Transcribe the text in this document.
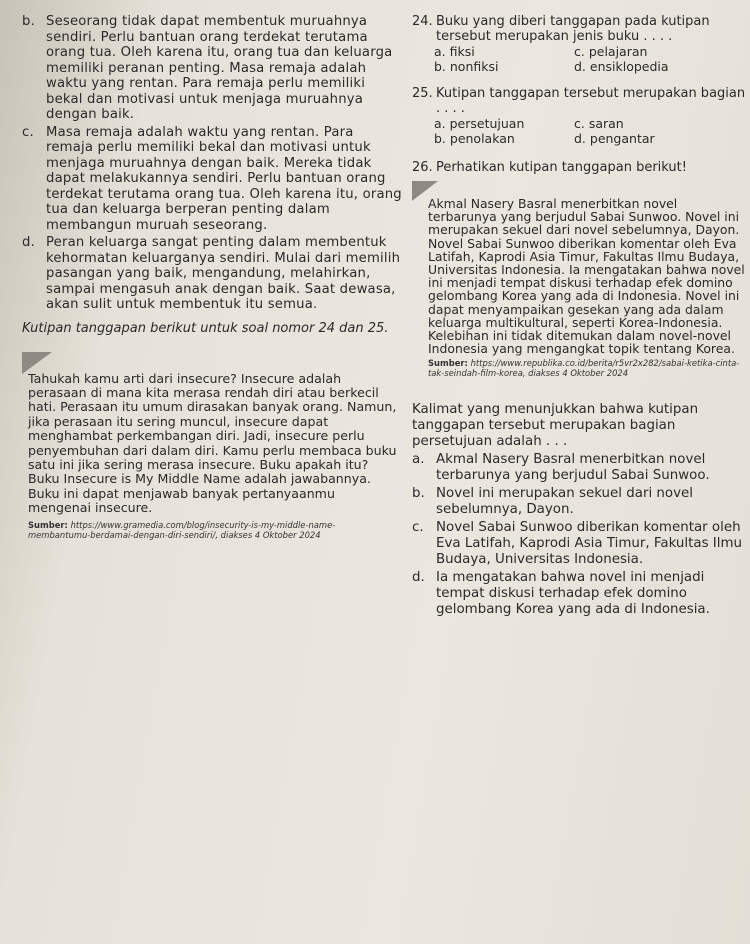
b. Seseorang tidak dapat membentuk muruahnya sendiri. Perlu bantuan orang terdekat terutama orang tua. Oleh karena itu, orang tua dan keluarga memiliki peranan penting. Masa remaja adalah waktu yang rentan. Para remaja perlu memiliki bekal dan motivasi untuk menjaga muruahnya dengan baik.
c. Masa remaja adalah waktu yang rentan. Para remaja perlu memiliki bekal dan motivasi untuk menjaga muruahnya dengan baik. Mereka tidak dapat melakukannya sendiri. Perlu bantuan orang terdekat terutama orang tua. Oleh karena itu, orang tua dan keluarga berperan penting dalam membangun muruah seseorang.
d. Peran keluarga sangat penting dalam membentuk kehormatan keluarganya sendiri. Mulai dari memilih pasangan yang baik, mengandung, melahirkan, sampai mengasuh anak dengan baik. Saat dewasa, akan sulit untuk membentuk itu semua.
Kutipan tanggapan berikut untuk soal nomor 24 dan 25.
Tahukah kamu arti dari insecure? Insecure adalah perasaan di mana kita merasa rendah diri atau berkecil hati. Perasaan itu umum dirasakan banyak orang. Namun, jika perasaan itu sering muncul, insecure dapat menghambat perkembangan diri. Jadi, insecure perlu penyembuhan dari dalam diri. Kamu perlu membaca buku satu ini jika sering merasa insecure. Buku apakah itu? Buku Insecure is My Middle Name adalah jawabannya. Buku ini dapat menjawab banyak pertanyaanmu mengenai insecure.
Sumber: https://www.gramedia.com/blog/insecurity-is-my-middle-name- membantumu-berdamai-dengan-diri-sendiri/, diakses 4 Oktober 2024
24. Buku yang diberi tanggapan pada kutipan tersebut merupakan jenis buku . . . .
a. fiksi	c. pelajaran
b. nonfiksi	d. ensiklopedia
25. Kutipan tanggapan tersebut merupakan bagian . . . .
a. persetujuan	c. saran
b. penolakan	d. pengantar
26. Perhatikan kutipan tanggapan berikut!
Akmal Nasery Basral menerbitkan novel terbarunya yang berjudul Sabai Sunwoo. Novel ini merupakan sekuel dari novel sebelumnya, Dayon. Novel Sabai Sunwoo diberikan komentar oleh Eva Latifah, Kaprodi Asia Timur, Fakultas Ilmu Budaya, Universitas Indonesia. Ia mengatakan bahwa novel ini menjadi tempat diskusi terhadap efek domino gelombang Korea yang ada di Indonesia. Novel ini dapat menyampaikan gesekan yang ada dalam keluarga multikultural, seperti Korea-Indonesia. Kelebihan ini tidak ditemukan dalam novel-novel Indonesia yang mengangkat topik tentang Korea.
Sumber: https://www.republika.co.id/berita/r5vr2x282/sabai-ketika-cinta-tak-seindah-film-korea, diakses 4 Oktober 2024
Kalimat yang menunjukkan bahwa kutipan tanggapan tersebut merupakan bagian persetujuan adalah . . .
a. Akmal Nasery Basral menerbitkan novel terbarunya yang berjudul Sabai Sunwoo.
b. Novel ini merupakan sekuel dari novel sebelumnya, Dayon.
c. Novel Sabai Sunwoo diberikan komentar oleh Eva Latifah, Kaprodi Asia Timur, Fakultas Ilmu Budaya, Universitas Indonesia.
d. Ia mengatakan bahwa novel ini menjadi tempat diskusi terhadap efek domino gelombang Korea yang ada di Indonesia.
